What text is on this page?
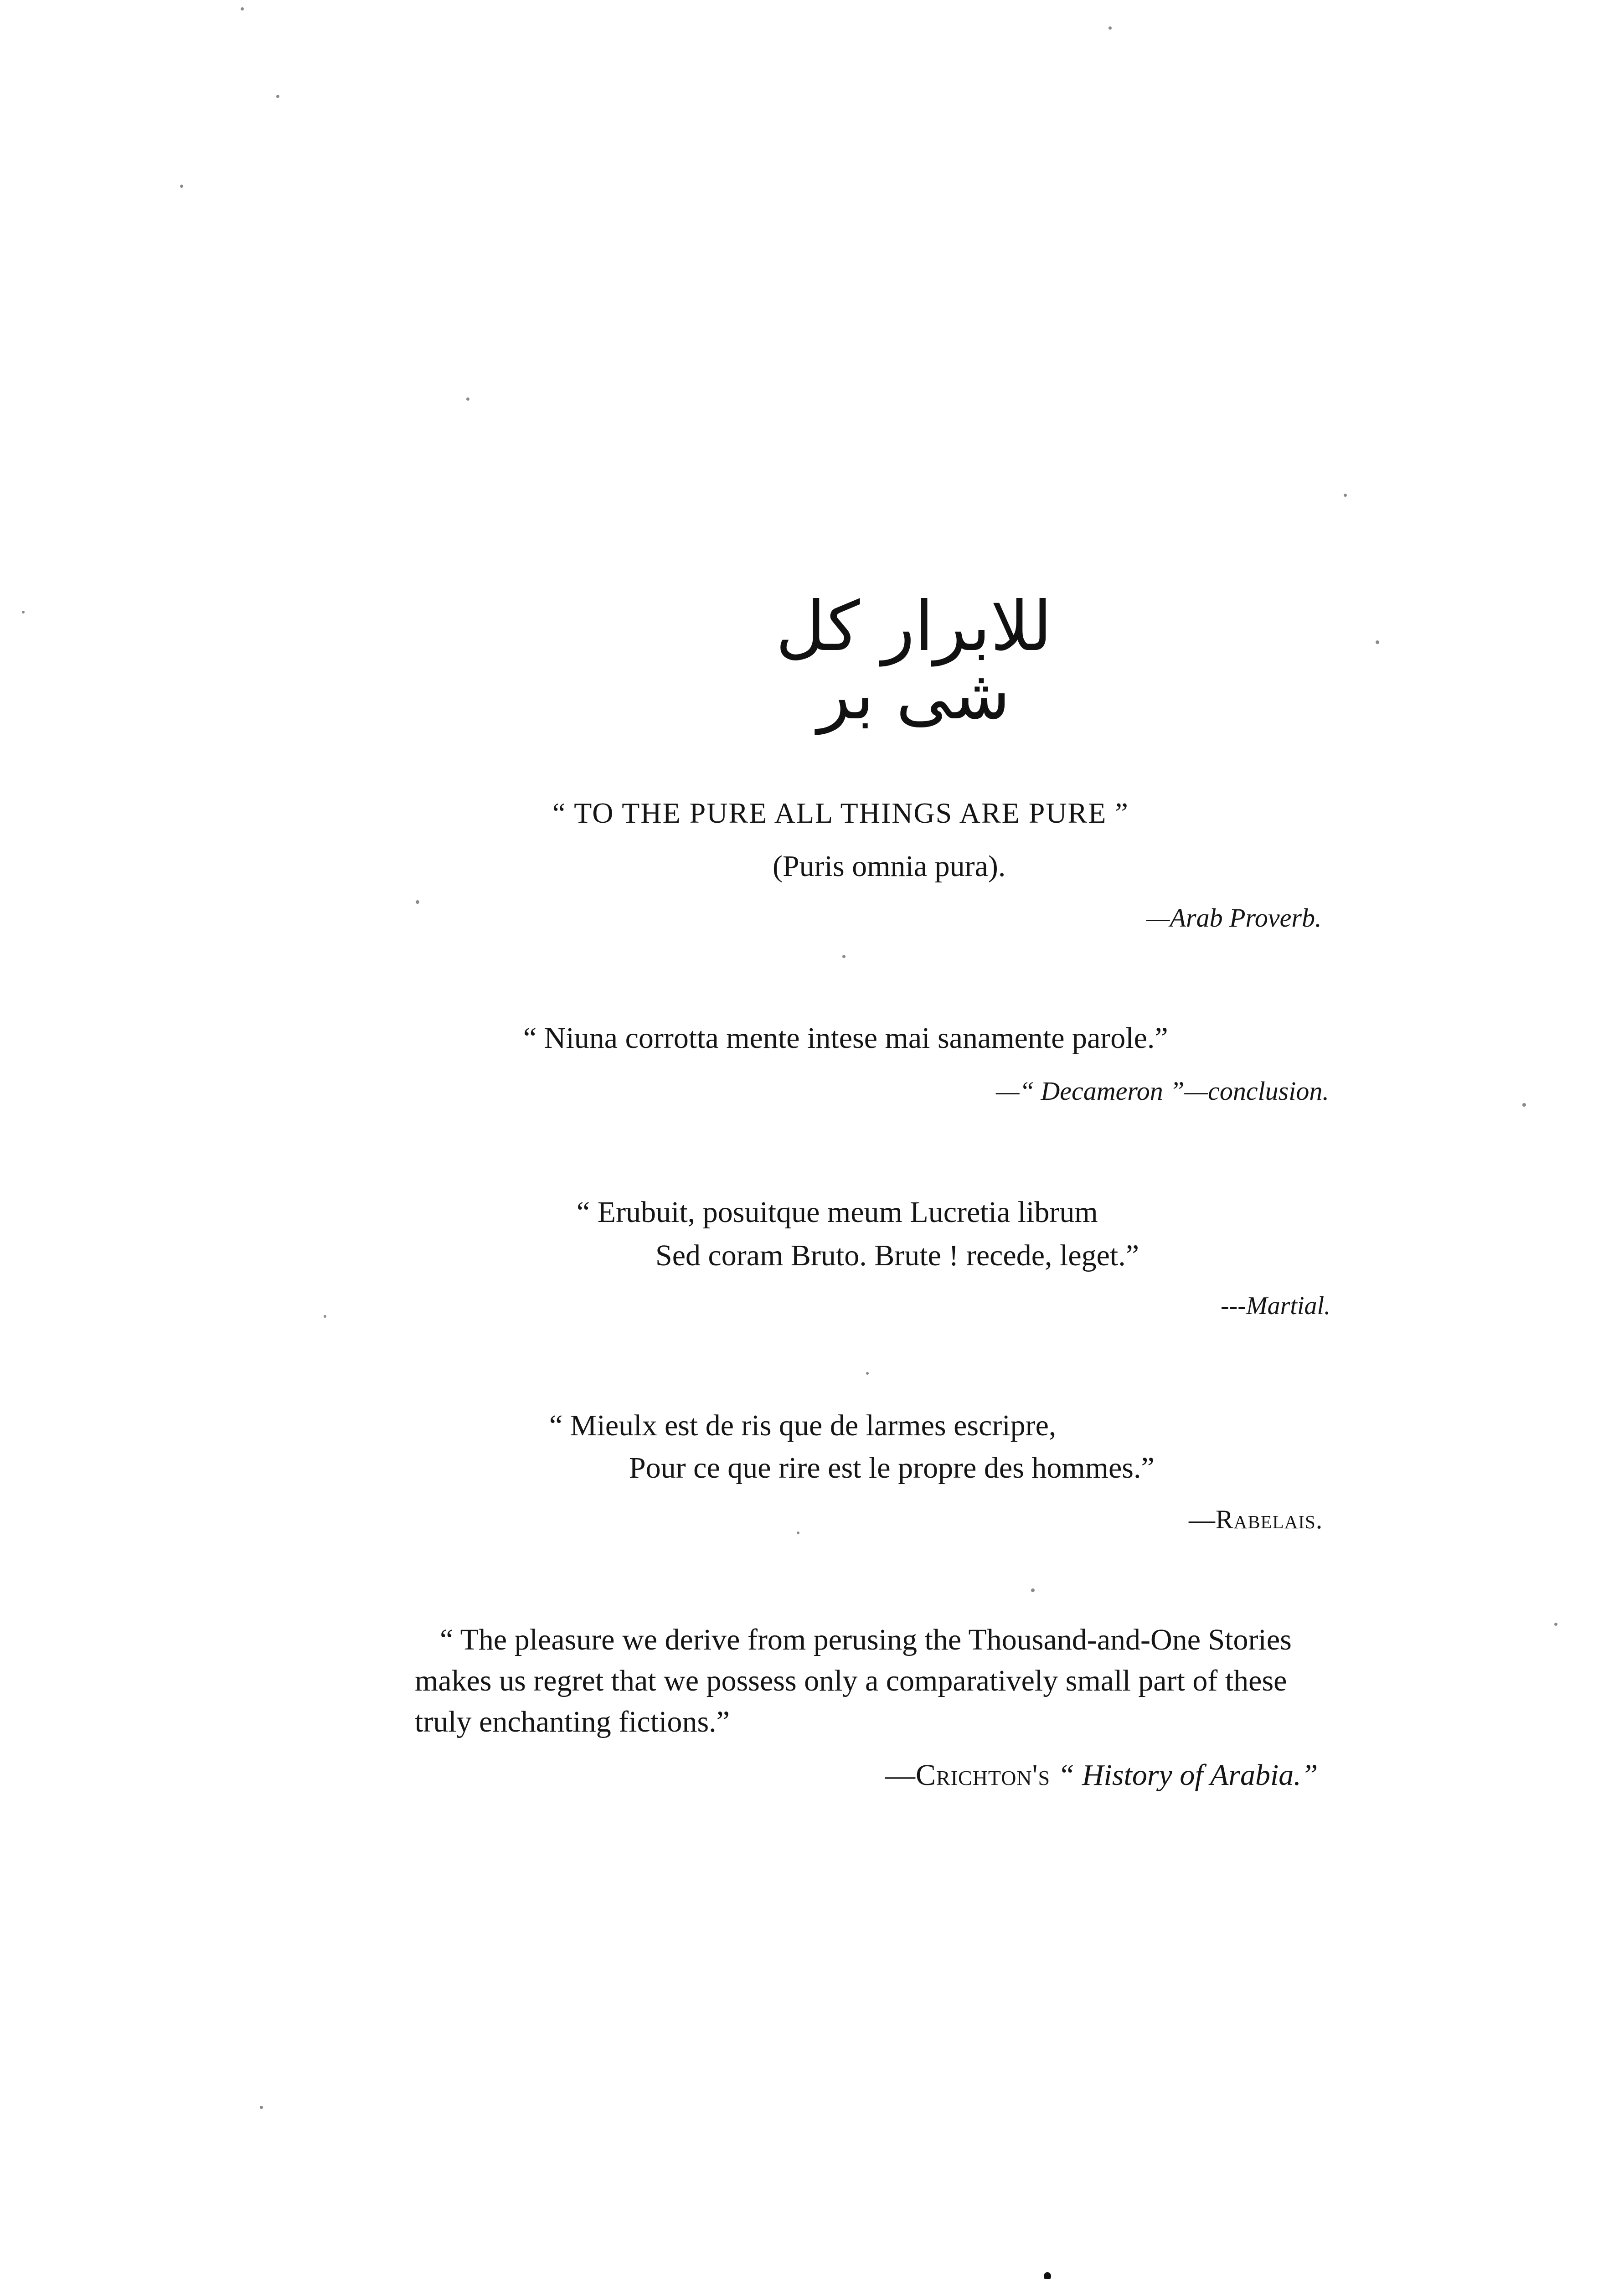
للابرار كل شى بر
“ TO THE PURE ALL THINGS ARE PURE ”
(Puris omnia pura).
—Arab Proverb.
“ Niuna corrotta mente intese mai sanamente parole.”
—“ Decameron ”—conclusion.
“ Erubuit, posuitque meum Lucretia librum
Sed coram Bruto. Brute ! recede, leget.”
---Martial.
“ Mieulx est de ris que de larmes escripre,
Pour ce que rire est le propre des hommes.”
—Rabelais.
“ The pleasure we derive from perusing the Thousand-and-One Stories
makes us regret that we possess only a comparatively small part of these
truly enchanting fictions.”
—Crichton's “ History of Arabia.”
